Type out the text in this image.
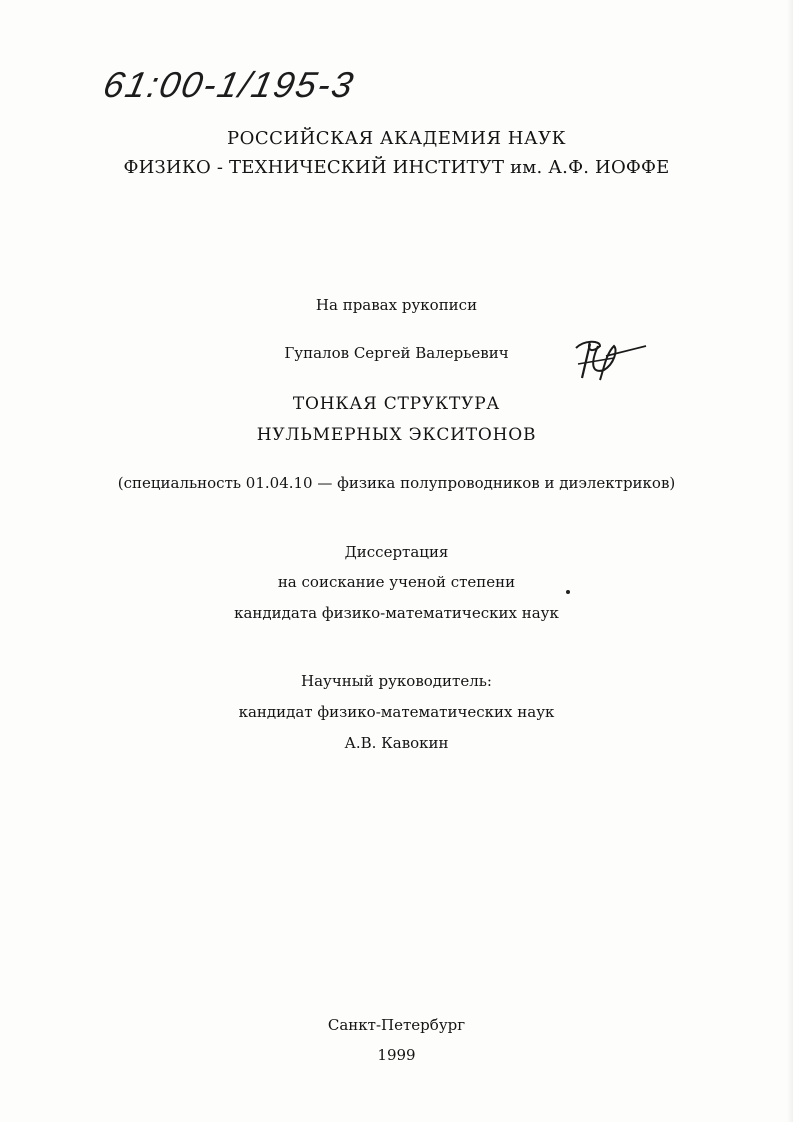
61:00-1/195-3
РОССИЙСКАЯ АКАДЕМИЯ НАУК
ФИЗИКО - ТЕХНИЧЕСКИЙ ИНСТИТУТ им. А.Ф. ИОФФЕ
На правах рукописи
Гупалов Сергей Валерьевич
ТОНКАЯ СТРУКТУРА
НУЛЬМЕРНЫХ ЭКСИТОНОВ
(специальность 01.04.10 — физика полупроводников и диэлектриков)
Диссертация
на соискание ученой степени
кандидата физико-математических наук
Научный руководитель:
кандидат физико-математических наук
А.В. Кавокин
Санкт-Петербург
1999
